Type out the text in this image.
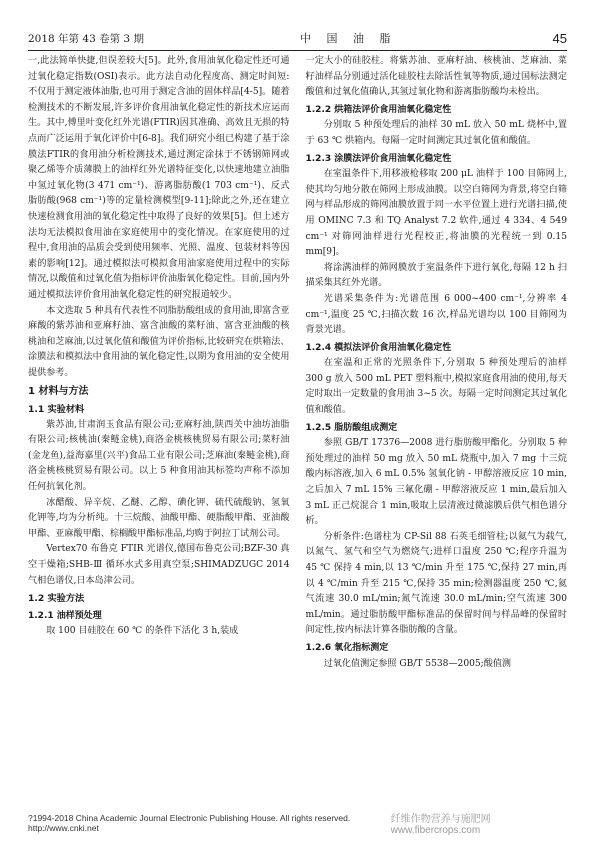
2018 年第 43 卷第 3 期	中 国 油 脂	45

一,此法简单快捷,但误差较大[5]。此外,食用油氧化稳定性还可通过氧化稳定指数(OSI)表示。此方法自动化程度高、测定时间短:不仅用于测定液体油脂,也可用于测定含油的固体样品[4-5]。随着检测技术的不断发展,许多评价食用油氧化稳定性的新技术应运而生。其中,傅里叶变化红外光谱(FTIR)因其准确、高效且无损的特点而广泛运用于氧化评价中[6-8]。我们研究小组已构建了基于涂膜法FTIR的食用油分析检测技术,通过测定涂抹于不锈钢筛网或聚乙烯等介质薄膜上的油样红外光谱特征变化,以快速地建立油脂中氢过氧化物(3 471 cm⁻¹)、游离脂肪酸(1 703 cm⁻¹)、反式脂肪酸(968 cm⁻¹)等的定量检测模型[9-11];除此之外,还在建立快速检测食用油的氧化稳定性中取得了良好的效果[5]。但上述方法均无法模拟食用油在家庭使用中的变化情况。在家庭使用的过程中,食用油的品质会受到使用频率、光照、温度、包装材料等因素的影响[12]。通过模拟法可模拟食用油家庭使用过程中的实际情况,以酸值和过氧化值为指标评价油脂氧化稳定性。目前,国内外通过模拟法评价食用油氧化稳定性的研究报道较少。

本文选取 5 种具有代表性不同脂肪酸组成的食用油,即富含亚麻酸的紫苏油和亚麻籽油、富含油酸的菜籽油、富含亚油酸的核桃油和芝麻油,以过氧化值和酸值为评价指标,比较研究在烘箱法、涂膜法和模拟法中食用油的氧化稳定性,以期为食用油的安全使用提供参考。

1 材料与方法
1.1 实验材料

紫苏油,甘肃润玉食品有限公司;亚麻籽油,陕西关中油坊油脂有限公司;核桃油(秦鲢金桃),商洛金桃核桃贸易有限公司;菜籽油(金龙鱼),益海嘉里(兴平)食品工业有限公司;芝麻油(秦鲢金桃),商洛金桃核桃贸易有限公司。以上 5 种食用油其标签均声称不添加任何抗氧化剂。

冰醋酸、异辛烷、乙醚、乙醇、碘化钾、硫代硫酸钠、氢氧化钾等,均为分析纯。十三烷酸、油酸甲酯、硬脂酸甲酯、亚油酸甲酯、亚麻酸甲酯、棕榈酸甲酯标准品,均购于阿拉丁试剂公司。

Vertex70 布鲁克 FTIR 光谱仪,德国布鲁克公司;BZF-30 真空干燥箱;SHB-Ⅲ 循环水式多用真空泵;SHIMADZUGC 2014 气相色谱仪,日本岛津公司。

1.2 实验方法
1.2.1 油样预处理

取 100 目硅胶在 60 ℃ 的条件下活化 3 h,装成

一定大小的硅胶柱。将紫苏油、亚麻籽油、核桃油、芝麻油、菜籽油样品分别通过活化硅胶柱去除活性氧等物质,通过国标法测定酸值和过氧化值确认,其氢过氧化物和游离脂肪酸均未检出。

1.2.2 烘箱法评价食用油氧化稳定性

分别取 5 种预处理后的油样 30 mL 放入 50 mL 烧杯中,置于 63 ℃ 烘箱内。每隔一定时间测定其过氧化值和酸值。

1.2.3 涂膜法评价食用油氧化稳定性

在室温条件下,用移液枪移取 200 μL 油样于 100 目筛网上,使其均匀地分散在筛网上形成油膜。以空白筛网为背景,将空白筛网与样品形成的筛网油膜放置于同一水平位置上进行光谱扫描,使用 OMINC 7.3 和 TQ Analyst 7.2 软件,通过 4 334、4 549 cm⁻¹ 对筛网油样进行光程校正,将油膜的光程统一到 0.15 mm[9]。

将涂满油样的筛网膜放于室温条件下进行氧化,每隔 12 h 扫描采集其红外光谱。

光谱采集条件为:光谱范围 6 000~400 cm⁻¹,分辨率 4 cm⁻¹,温度 25 ℃,扫描次数 16 次,样品光谱均以 100 目筛网为背景光谱。

1.2.4 模拟法评价食用油氧化稳定性

在室温和正常的光照条件下,分别取 5 种预处理后的油样 300 g 放入 500 mL PET 塑料瓶中,模拟家庭食用油的使用,每天定时取出一定数量的食用油 3~5 次。每隔一定时间测定其过氧化值和酸值。

1.2.5 脂肪酸组成测定

参照 GB/T 17376—2008 进行脂肪酸甲酯化。分别取 5 种预处理过的油样 50 mg 放入 50 mL 烧瓶中,加入 7 mg 十三烷酸内标溶液,加入 6 mL 0.5% 氢氧化钠 - 甲醇溶液反应 10 min,之后加入 7 mL 15% 三氟化硼 - 甲醇溶液反应 1 min,最后加入 3 mL 正己烷混合 1 min,吸取上层清液过微滤膜后供气相色谱分析。

分析条件:色谱柱为 CP-Sil 88 石英毛细管柱;以氦气为载气,以氮气、氢气和空气为燃烧气;进样口温度 250 ℃;程序升温为 45 ℃ 保持 4 min,以 13 ℃/min 升至 175 ℃,保持 27 min,再以 4 ℃/min 升至 215 ℃,保持 35 min;检测器温度 250 ℃,氦气流速 30.0 mL/min;氮气流速 30.0 mL/min;空气流速 300 mL/min。通过脂肪酸甲酯标准品的保留时间与样品峰的保留时间定性,按内标法计算各脂肪酸的含量。

1.2.6 氧化指标测定

过氧化值测定参照 GB/T 5538—2005;酸值测

?1994-2018 China Academic Journal Electronic Publishing House. All rights reserved. http://www.cnki.net
纤维作物营养与施肥网 www.fibercrops.com
